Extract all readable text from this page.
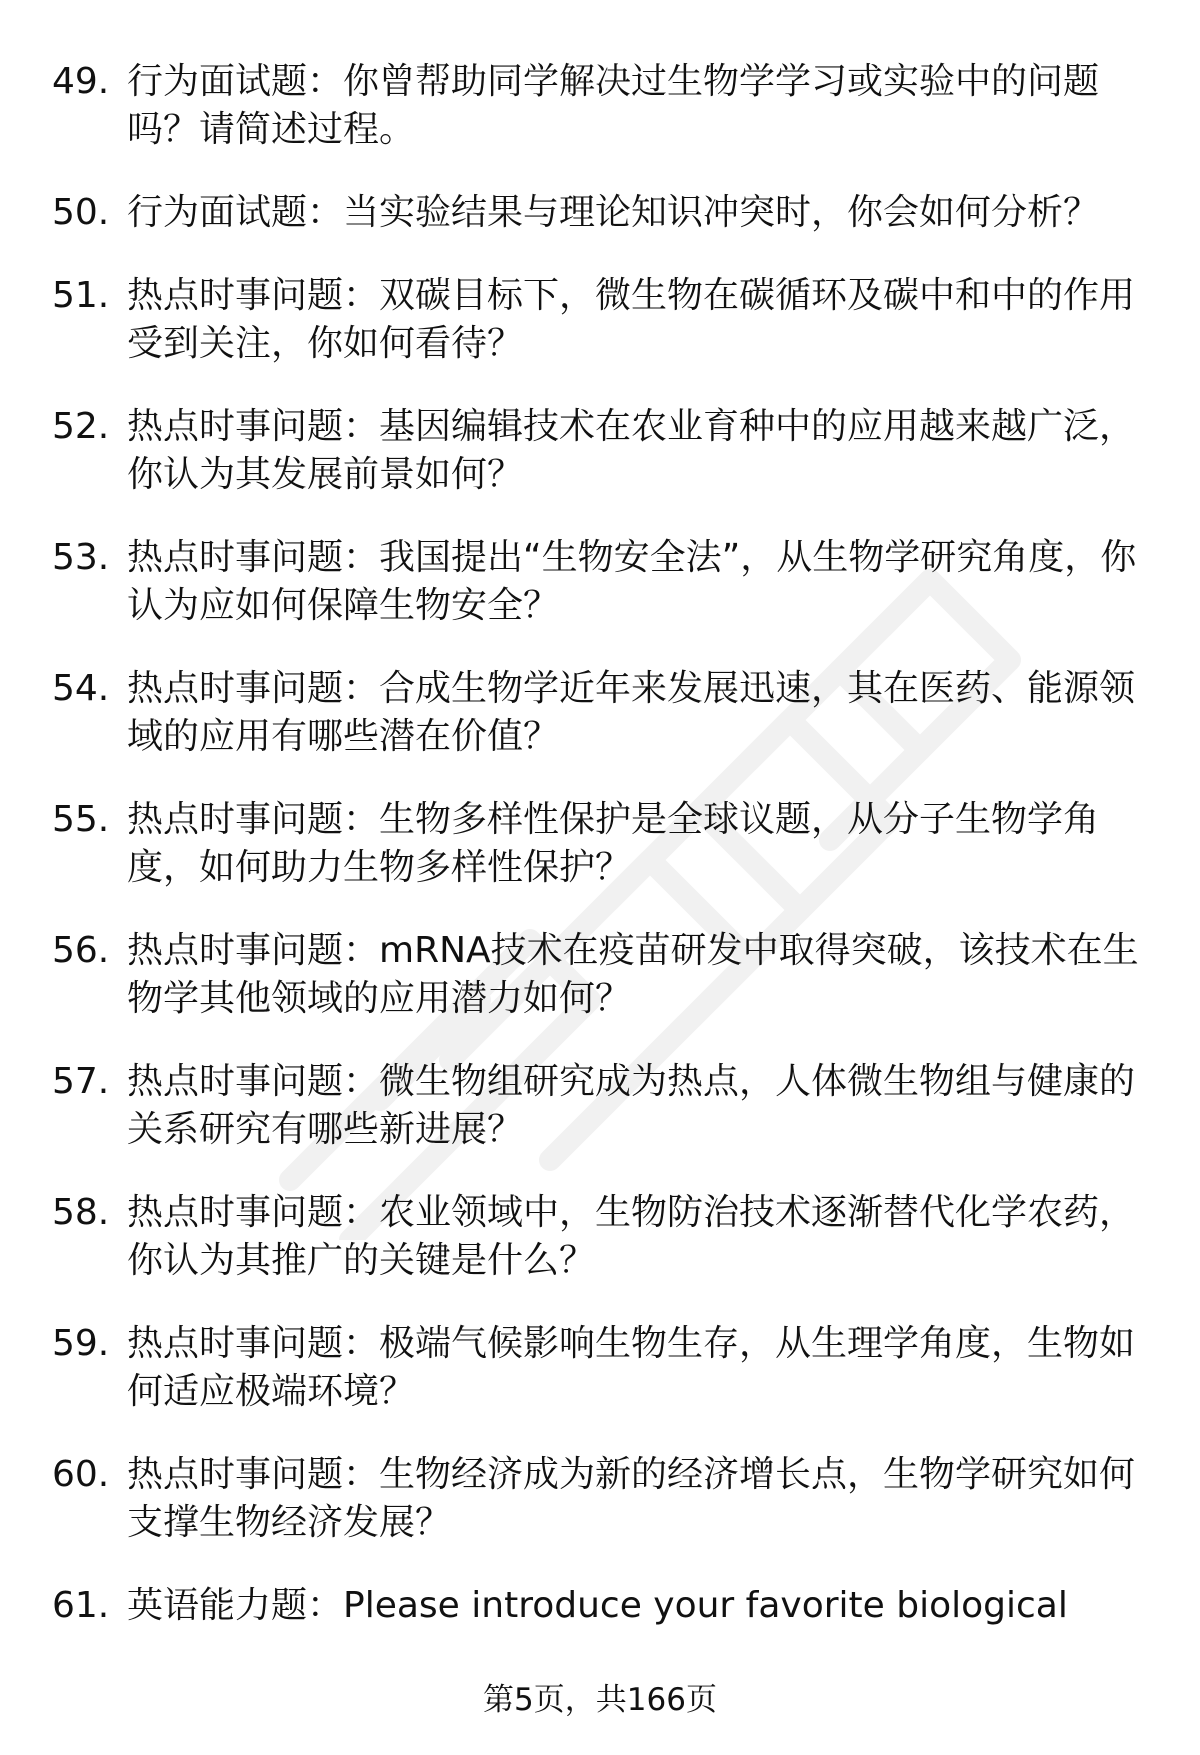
49. 行为面试题：你曾帮助同学解决过生物学学习或实验中的问题吗？请简述过程。
50. 行为面试题：当实验结果与理论知识冲突时，你会如何分析？
51. 热点时事问题：双碳目标下，微生物在碳循环及碳中和中的作用受到关注，你如何看待？
52. 热点时事问题：基因编辑技术在农业育种中的应用越来越广泛，你认为其发展前景如何？
53. 热点时事问题：我国提出“生物安全法”，从生物学研究角度，你认为应如何保障生物安全？
54. 热点时事问题：合成生物学近年来发展迅速，其在医药、能源领域的应用有哪些潜在价值？
55. 热点时事问题：生物多样性保护是全球议题，从分子生物学角度，如何助力生物多样性保护？
56. 热点时事问题：mRNA技术在疫苗研发中取得突破，该技术在生物学其他领域的应用潜力如何？
57. 热点时事问题：微生物组研究成为热点，人体微生物组与健康的关系研究有哪些新进展？
58. 热点时事问题：农业领域中，生物防治技术逐渐替代化学农药，你认为其推广的关键是什么？
59. 热点时事问题：极端气候影响生物生存，从生理学角度，生物如何适应极端环境？
60. 热点时事问题：生物经济成为新的经济增长点，生物学研究如何支撑生物经济发展？
61. 英语能力题：Please introduce your favorite biological
第5页，共166页
